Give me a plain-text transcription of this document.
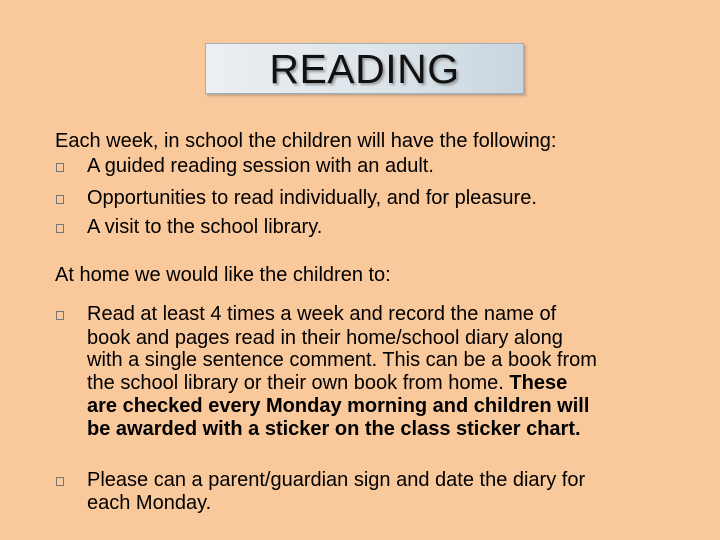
READING
Each week, in school the children will have the following:
A guided reading session with an adult.
Opportunities to read individually, and for pleasure.
A visit to the school library.
At home we would like the children to:
Read at least 4 times a week and record the name of
book and pages read in their home/school diary along
with a single sentence comment. This can be a book from
the school library or their own book from home. These
are checked every Monday morning and children will
be awarded with a sticker on the class sticker chart.
Please can a parent/guardian sign and date the diary for
each Monday.
